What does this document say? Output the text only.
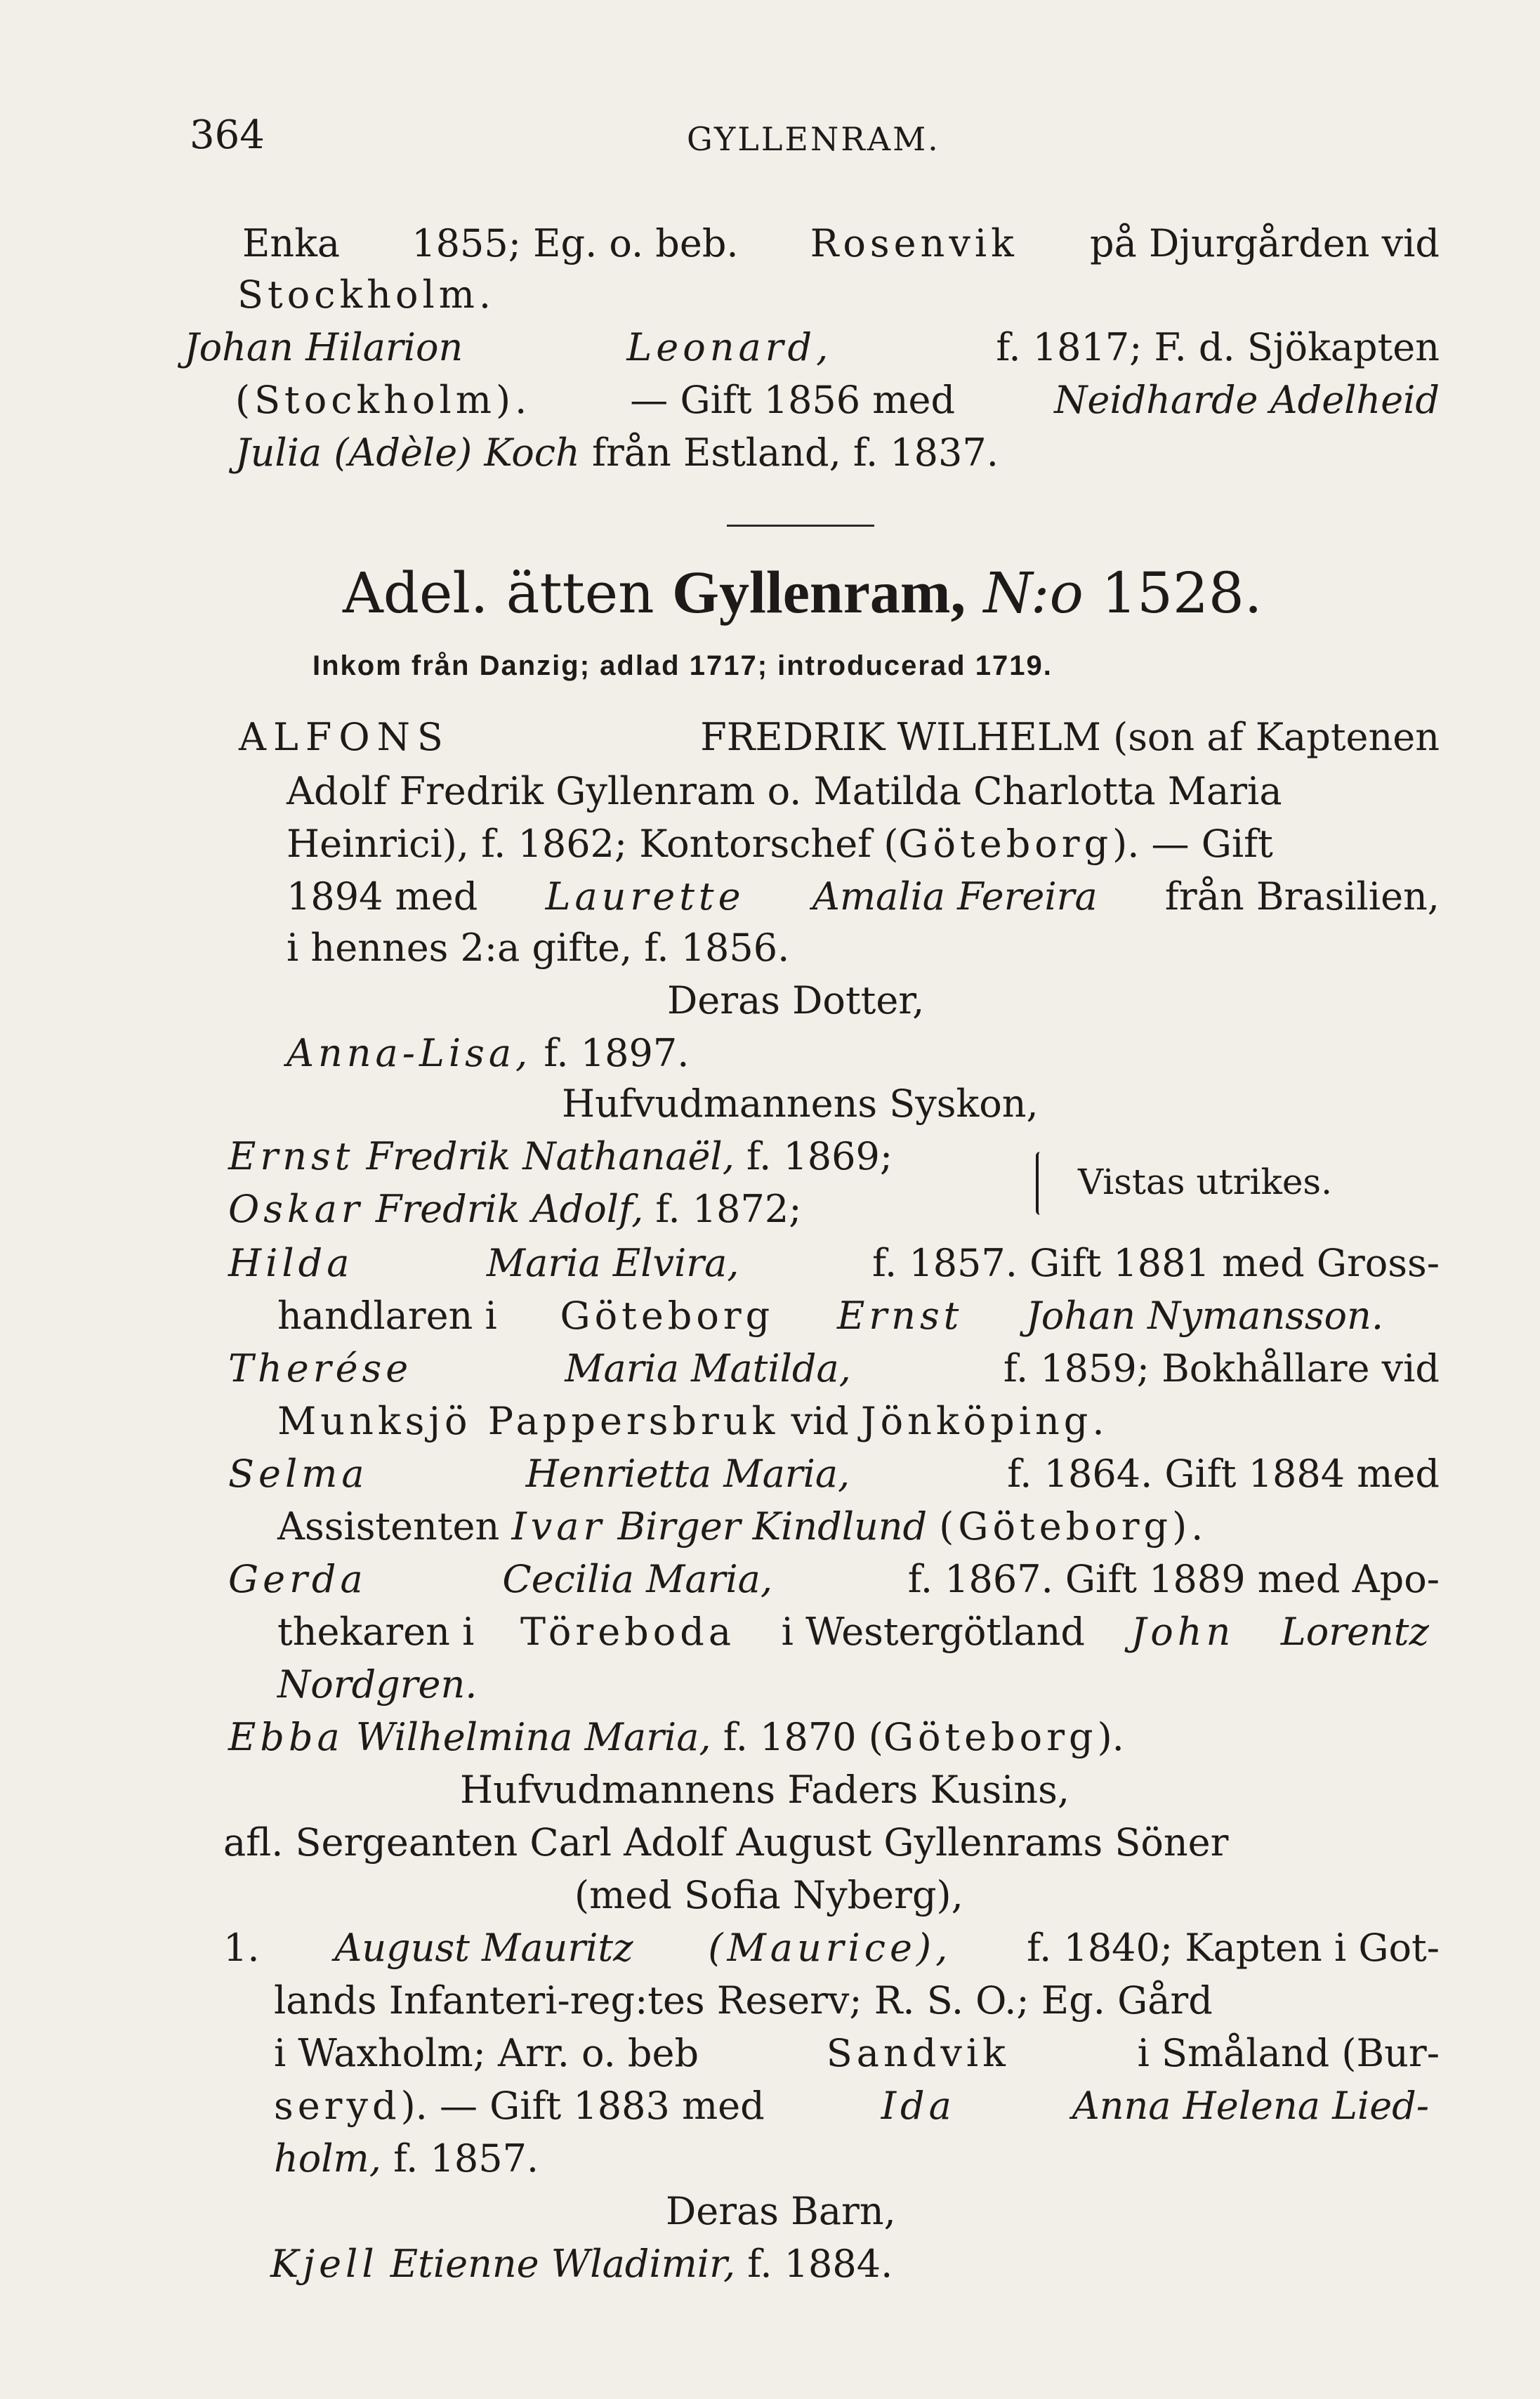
364	GYLLENRAM.
Enka 1855; Eg. o. beb. Rosenvik på Djurgården vid
Stockholm.
Johan Hilarion	Leonard,	f. 1817; F. d. Sjökapten
(Stockholm).	— Gift 1856 med	Neidharde Adelheid
Julia (Adèle) Koch från Estland, f. 1837.
Adel. ätten Gyllenram, N:o 1528.
Inkom från Danzig; adlad 1717; introducerad 1719.
ALFONS	FREDRIK WILHELM (son af Kaptenen
Adolf Fredrik Gyllenram o. Matilda Charlotta Maria
Heinrici), f. 1862; Kontorschef (Göteborg). — Gift
1894 med Laurette Amalia Fereira från Brasilien,
i hennes 2:a gifte, f. 1856.
Deras Dotter,
Anna-Lisa, f. 1897.
Hufvudmannens Syskon,
Ernst Fredrik Nathanaël, f. 1869;
Oskar Fredrik Adolf, f. 1872;
Vistas utrikes.
Hilda	Maria Elvira,	f. 1857. Gift 1881 med Gross-
handlaren i Göteborg Ernst Johan Nymansson.
Therése	Maria Matilda,	f. 1859; Bokhållare vid
Munksjö Pappersbruk vid Jönköping.
Selma	Henrietta Maria,	f. 1864. Gift 1884 med
Assistenten Ivar Birger Kindlund (Göteborg).
Gerda	Cecilia Maria,	f. 1867. Gift 1889 med Apo-
thekaren i Töreboda i Westergötland John Lorentz
Nordgren.
Ebba Wilhelmina Maria, f. 1870 (Göteborg).
Hufvudmannens Faders Kusins,
afl. Sergeanten Carl Adolf August Gyllenrams Söner
(med Sofia Nyberg),
1. August Mauritz (Maurice), f. 1840; Kapten i Got-
lands Infanteri-reg:tes Reserv; R. S. O.; Eg. Gård
i Waxholm; Arr. o. beb	Sandvik	i Småland (Bur-
seryd). — Gift 1883 med	Ida	Anna Helena Lied-
holm, f. 1857.
Deras Barn,
Kjell Etienne Wladimir, f. 1884.
